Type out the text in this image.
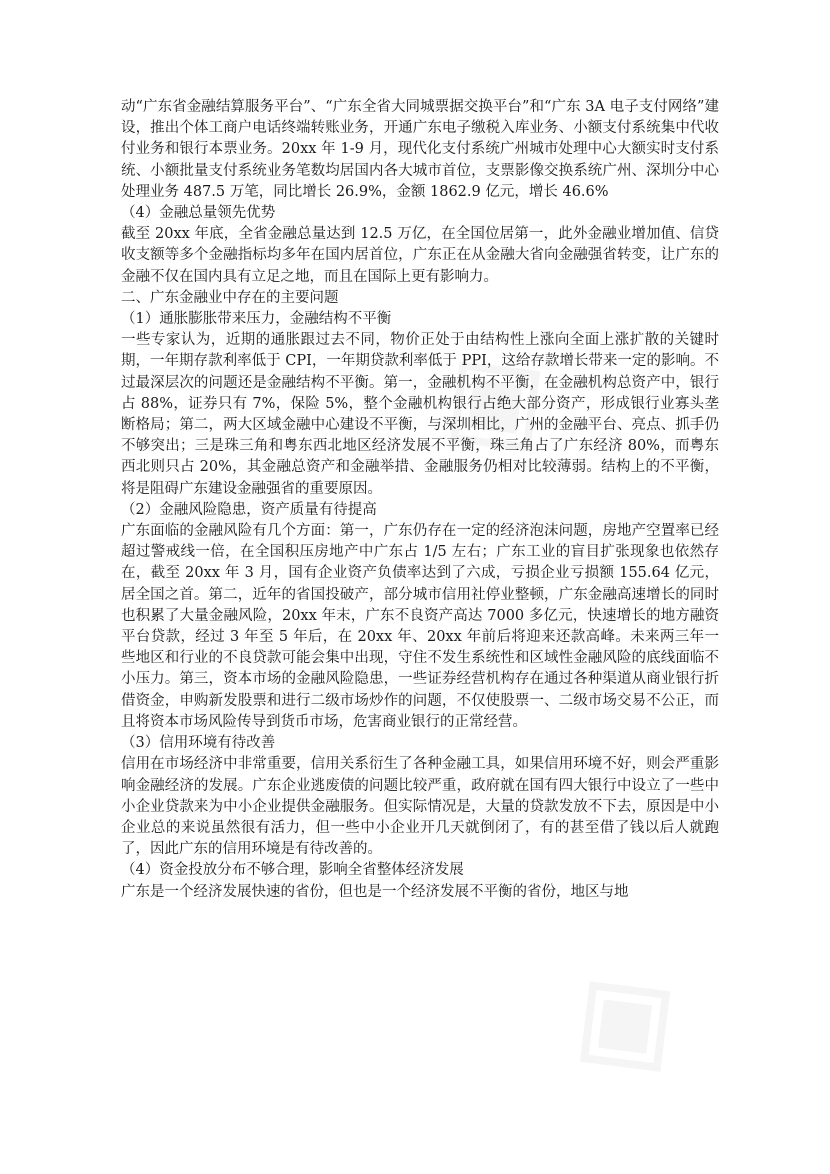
动“广东省金融结算服务平台”、“广东全省大同城票据交换平台”和“广东 3A 电子支付网络”建设，推出个体工商户电话终端转账业务，开通广东电子缴税入库业务、小额支付系统集中代收付业务和银行本票业务。20xx 年 1-9 月，现代化支付系统广州城市处理中心大额实时支付系统、小额批量支付系统业务笔数均居国内各大城市首位，支票影像交换系统广州、深圳分中心处理业务 487.5 万笔，同比增长 26.9%，金额 1862.9 亿元，增长 46.6%

（4）金融总量领先优势

截至 20xx 年底，全省金融总量达到 12.5 万亿，在全国位居第一，此外金融业增加值、信贷收支额等多个金融指标均多年在国内居首位，广东正在从金融大省向金融强省转变，让广东的金融不仅在国内具有立足之地，而且在国际上更有影响力。

二、广东金融业中存在的主要问题

（1）通胀膨胀带来压力，金融结构不平衡

一些专家认为，近期的通胀跟过去不同，物价正处于由结构性上涨向全面上涨扩散的关键时期，一年期存款利率低于 CPI，一年期贷款利率低于 PPI，这给存款增长带来一定的影响。不过最深层次的问题还是金融结构不平衡。第一，金融机构不平衡，在金融机构总资产中，银行占 88%，证券只有 7%，保险 5%，整个金融机构银行占绝大部分资产，形成银行业寡头垄断格局；第二，两大区域金融中心建设不平衡，与深圳相比，广州的金融平台、亮点、抓手仍不够突出；三是珠三角和粤东西北地区经济发展不平衡，珠三角占了广东经济 80%，而粤东西北则只占 20%，其金融总资产和金融举措、金融服务仍相对比较薄弱。结构上的不平衡，将是阻碍广东建设金融强省的重要原因。

（2）金融风险隐患，资产质量有待提高

广东面临的金融风险有几个方面：第一，广东仍存在一定的经济泡沫问题，房地产空置率已经超过警戒线一倍，在全国积压房地产中广东占 1/5 左右；广东工业的盲目扩张现象也依然存在，截至 20xx 年 3 月，国有企业资产负债率达到了六成，亏损企业亏损额 155.64 亿元，居全国之首。第二，近年的省国投破产，部分城市信用社停业整顿，广东金融高速增长的同时也积累了大量金融风险，20xx 年末，广东不良资产高达 7000 多亿元，快速增长的地方融资平台贷款，经过 3 年至 5 年后，在 20xx 年、20xx 年前后将迎来还款高峰。未来两三年一些地区和行业的不良贷款可能会集中出现，守住不发生系统性和区域性金融风险的底线面临不小压力。第三，资本市场的金融风险隐患，一些证券经营机构存在通过各种渠道从商业银行折借资金，申购新发股票和进行二级市场炒作的问题，不仅使股票一、二级市场交易不公正，而且将资本市场风险传导到货币市场，危害商业银行的正常经营。

（3）信用环境有待改善

信用在市场经济中非常重要，信用关系衍生了各种金融工具，如果信用环境不好，则会严重影响金融经济的发展。广东企业逃废债的问题比较严重，政府就在国有四大银行中设立了一些中小企业贷款来为中小企业提供金融服务。但实际情况是，大量的贷款发放不下去，原因是中小企业总的来说虽然很有活力，但一些中小企业开几天就倒闭了，有的甚至借了钱以后人就跑了，因此广东的信用环境是有待改善的。

（4）资金投放分布不够合理，影响全省整体经济发展

广东是一个经济发展快速的省份，但也是一个经济发展不平衡的省份，地区与地
